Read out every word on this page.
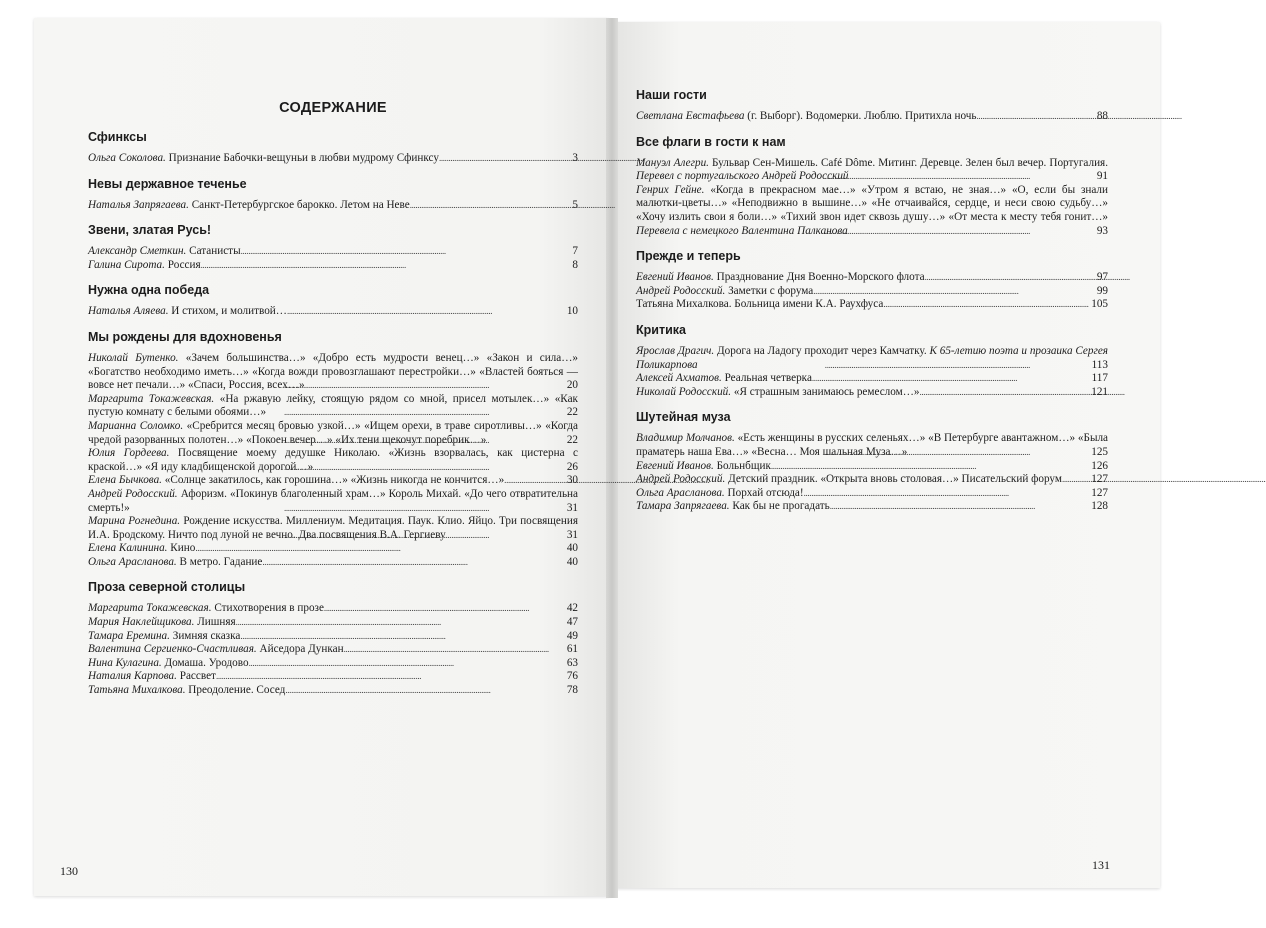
СОДЕРЖАНИЕ
Сфинксы
Ольга Соколова. Признание Бабочки-вещуньи в любви мудрому Сфинксу . . .	3
Невы державное теченье
Наталья Запрягаева. Санкт-Петербургское барокко. Летом на Неве . . .	5
Звени, златая Русь!
Александр Сметкин. Сатанисты . . .	7
Галина Сирота. Россия . . .	8
Нужна одна победа
Наталья Аляева. И стихом, и молитвой… . . .	10
Мы рождены для вдохновенья
Николай Бутенко. «Зачем большинства…» «Добро есть мудрости венец…» «Закон и сила…» «Богатство необходимо иметь…» «Когда вожди провозглашают перестройки…» «Властей бояться — вовсе нет печали…» «Спаси, Россия, всех…» . . .	20
Маргарита Токажевская. «На ржавую лейку, стоящую рядом со мной, присел мотылек…» «Как пустую комнату с белыми обоями…» . . .	22
Марианна Соломко. «Сребрится месяц бровью узкой…» «Ищем орехи, в траве сиротливы…» «Когда чредой разорванных полотен…» «Покоен вечер…» «Их тени щекочут поребрик…» . . .	22
Юлия Гордеева. Посвящение моему дедушке Николаю. «Жизнь взорвалась, как цистерна с краской…» «Я иду кладбищенской дорогой…» . . .	26
Елена Бычкова. «Солнце закатилось, как горошина…» «Жизнь никогда не кончится…» . . .	30
Андрей Родосский. Афоризм. «Покинув благоленный храм…» Король Михай. «До чего отвратительна смерть!» . . .	31
Марина Рогнедина. Рождение искусства. Миллениум. Медитация. Паук. Клио. Яйцо. Три посвящения И.А. Бродскому. Ничто под луной не вечно. Два посвящения В.А. Гергиеву . . .	31
Елена Калинина. Кино . . .	40
Ольга Арасланова. В метро. Гадание . . .	40
Проза северной столицы
Маргарита Токажевская. Стихотворения в прозе . . .	42
Мария Наклейщикова. Лишняя . . .	47
Тамара Еремина. Зимняя сказка . . .	49
Валентина Сергиенко-Счастливая. Айседора Дункан . . .	61
Нина Кулагина. Домаша. Уродово . . .	63
Наталия Карпова. Рассвет . . .	76
Татьяна Михалкова. Преодоление. Сосед . . .	78
Наши гости
Светлана Евстафьева (г. Выборг). Водомерки. Люблю. Притихла ночь . . .	88
Все флаги в гости к нам
Мануэл Алегри. Бульвар Сен-Мишель. Café Dôme. Митинг. Деревце. Зелен был вечер. Португалия. Перевел с португальского Андрей Родосский . . .	91
Генрих Гейне. «Когда в прекрасном мае…» «Утром я встаю, не зная…» «О, если бы знали малютки-цветы…» «Неподвижно в вышине…» «Не отчаивайся, сердце, и неси свою судьбу…» «Хочу излить свои я боли…» «Тихий звон идет сквозь душу…» «От места к месту тебя гонит…» Перевела с немецкого Валентина Палканова . . .	93
Прежде и теперь
Евгений Иванов. Празднование Дня Военно-Морского флота . . .	97
Андрей Родосский. Заметки с форума . . .	99
Татьяна Михалкова. Больница имени К.А. Раухфуса . . .	105
Критика
Ярослав Драгич. Дорога на Ладогу проходит через Камчатку. К 65-летию поэта и прозаика Сергея Поликарпова . . .	113
Алексей Ахматов. Реальная четверка . . .	117
Николай Родосский. «Я страшным занимаюсь ремеслом…» . . .	121
Шутейная муза
Владимир Молчанов. «Есть женщины в русских селеньях…» «В Петербурге авантажном…» «Была праматерь наша Ева…» «Весна… Моя шальная Муза…» . . .	125
Евгений Иванов. Больнбщик . . .	126
Андрей Родосский. Детский праздник. «Открыта вновь столовая…» Писательский форум . . .	127
Ольга Арасланова. Порхай отсюда! . . .	127
Тамара Запрягаева. Как бы не прогадать . . .	128
130	131
